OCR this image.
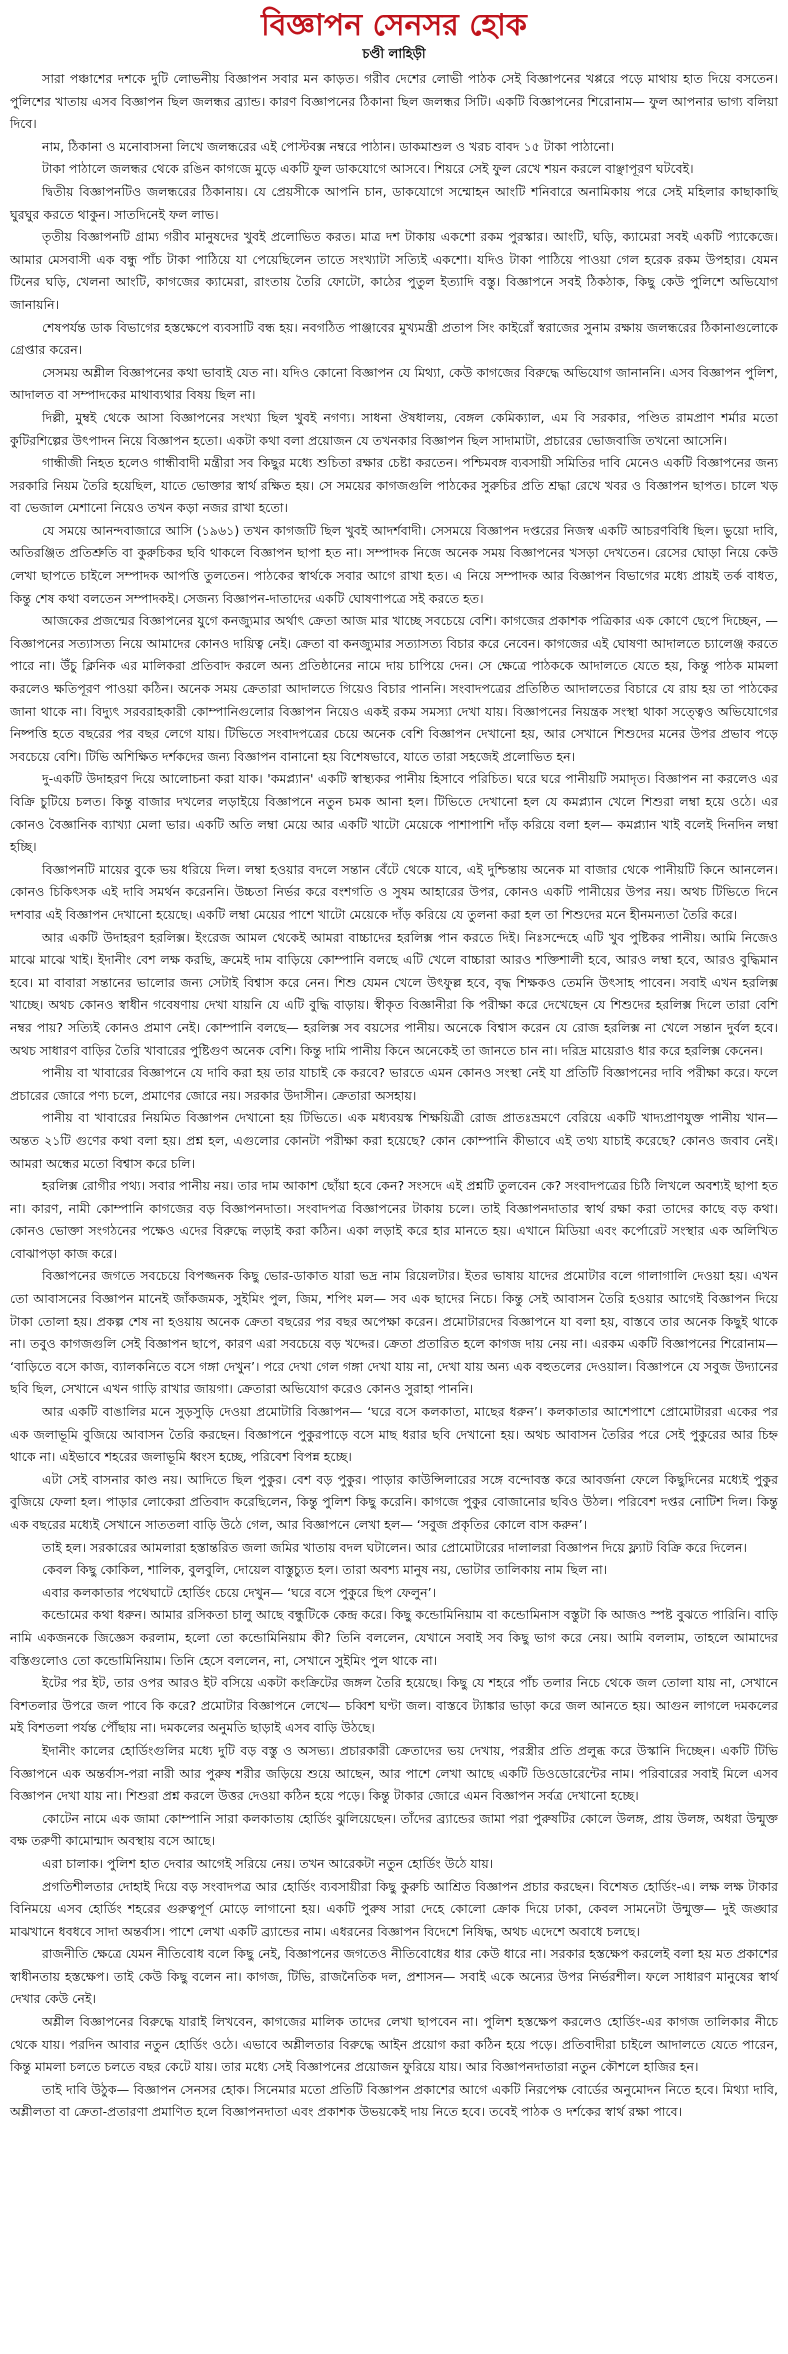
বিজ্ঞাপন সেনসর হোক
চণ্ডী লাহিড়ী

সারা পঞ্চাশের দশকে দুটি লোভনীয় বিজ্ঞাপন সবার মন কাড়ত। গরীব দেশের লোভী পাঠক সেই বিজ্ঞাপনের খপ্পরে পড়ে মাথায় হাত দিয়ে বসতেন। পুলিশের খাতায় এসব বিজ্ঞাপন ছিল জলন্ধর ব্র্যান্ড। কারণ বিজ্ঞাপনের ঠিকানা ছিল জলন্ধর সিটি। একটি বিজ্ঞাপনের শিরোনাম— ফুল আপনার ভাগ্য বলিয়া দিবে।

নাম, ঠিকানা ও মনোবাসনা লিখে জলন্ধরের এই পোস্টবক্স নম্বরে পাঠান। ডাকমাশুল ও খরচ বাবদ ১৫ টাকা পাঠানো।

টাকা পাঠালে জলন্ধর থেকে রঙিন কাগজে মুড়ে একটি ফুল ডাকযোগে আসবে। শিয়রে সেই ফুল রেখে শয়ন করলে বাঞ্ছাপূরণ ঘটবেই।

দ্বিতীয় বিজ্ঞাপনটিও জলন্ধরের ঠিকানায়। যে প্রেয়সীকে আপনি চান, ডাকযোগে সম্মোহন আংটি শনিবারে অনামিকায় পরে সেই মহিলার কাছাকাছি ঘুরঘুর করতে থাকুন। সাতদিনেই ফল লাভ।

তৃতীয় বিজ্ঞাপনটি গ্রাম্য গরীব মানুষদের খুবই প্রলোভিত করত। মাত্র দশ টাকায় একশো রকম পুরস্কার। আংটি, ঘড়ি, ক্যামেরা সবই একটি প্যাকেজে। আমার মেসবাসী এক বন্ধু পাঁচ টাকা পাঠিয়ে যা পেয়েছিলেন তাতে সংখ্যাটা সত্যিই একশো। যদিও টাকা পাঠিয়ে পাওয়া গেল হরেক রকম উপহার। যেমন টিনের ঘড়ি, খেলনা আংটি, কাগজের ক্যামেরা, রাংতায় তৈরি ফোটো, কাঠের পুতুল ইত্যাদি বস্তু। বিজ্ঞাপনে সবই ঠিকঠাক, কিছু কেউ পুলিশে অভিযোগ জানায়নি।

শেষপর্যন্ত ডাক বিভাগের হস্তক্ষেপে ব্যবসাটি বন্ধ হয়। নবগঠিত পাঞ্জাবের মুখ্যমন্ত্রী প্রতাপ সিং কাইরোঁ স্বরাজের সুনাম রক্ষায় জলন্ধরের ঠিকানাগুলোকে গ্রেপ্তার করেন।

সেসময় অশ্লীল বিজ্ঞাপনের কথা ভাবাই যেত না। যদিও কোনো বিজ্ঞাপন যে মিথ্যা, কেউ কাগজের বিরুদ্ধে অভিযোগ জানাননি। এসব বিজ্ঞাপন পুলিশ, আদালত বা সম্পাদকের মাথাব্যথার বিষয় ছিল না।

দিল্লী, মুম্বই থেকে আসা বিজ্ঞাপনের সংখ্যা ছিল খুবই নগণ্য। সাধনা ঔষধালয়, বেঙ্গল কেমিক্যাল, এম বি সরকার, পণ্ডিত রামপ্রাণ শর্মার মতো কুটিরশিল্পের উৎপাদন নিয়ে বিজ্ঞাপন হতো। একটা কথা বলা প্রয়োজন যে তখনকার বিজ্ঞাপন ছিল সাদামাটা, প্রচারের ভোজবাজি তখনো আসেনি।

গান্ধীজী নিহত হলেও গান্ধীবাদী মন্ত্রীরা সব কিছুর মধ্যে শুচিতা রক্ষার চেষ্টা করতেন। পশ্চিমবঙ্গ ব্যবসায়ী সমিতির দাবি মেনেও একটি বিজ্ঞাপনের জন্য সরকারি নিয়ম তৈরি হয়েছিল, যাতে ভোক্তার স্বার্থ রক্ষিত হয়। সে সময়ের কাগজগুলি পাঠকের সুরুচির প্রতি শ্রদ্ধা রেখে খবর ও বিজ্ঞাপন ছাপত। চালে খড় বা ভেজাল মেশানো নিয়েও তখন কড়া নজর রাখা হতো।

যে সময়ে আনন্দবাজারে আসি (১৯৬১) তখন কাগজটি ছিল খুবই আদর্শবাদী। সেসময়ে বিজ্ঞাপন দপ্তরের নিজস্ব একটি আচরণবিধি ছিল। ভুয়ো দাবি, অতিরঞ্জিত প্রতিশ্রুতি বা কুরুচিকর ছবি থাকলে বিজ্ঞাপন ছাপা হত না। সম্পাদক নিজে অনেক সময় বিজ্ঞাপনের খসড়া দেখতেন। রেসের ঘোড়া নিয়ে কেউ লেখা ছাপতে চাইলে সম্পাদক আপত্তি তুলতেন। পাঠকের স্বার্থকে সবার আগে রাখা হত। এ নিয়ে সম্পাদক আর বিজ্ঞাপন বিভাগের মধ্যে প্রায়ই তর্ক বাধত, কিন্তু শেষ কথা বলতেন সম্পাদকই। সেজন্য বিজ্ঞাপন-দাতাদের একটি ঘোষণাপত্রে সই করতে হত।

আজকের প্রজন্মের বিজ্ঞাপনের যুগে কনজ্যুমার অর্থাৎ ক্রেতা আজ মার খাচ্ছে সবচেয়ে বেশি। কাগজের প্রকাশক পত্রিকার এক কোণে ছেপে দিচ্ছেন, — বিজ্ঞাপনের সত্যাসত্য নিয়ে আমাদের কোনও দায়িত্ব নেই। ক্রেতা বা কনজ্যুমার সত্যাসত্য বিচার করে নেবেন। কাগজের এই ঘোষণা আদালতে চ্যালেঞ্জ করতে পারে না। উঁচু ক্লিনিক এর মালিকরা প্রতিবাদ করলে অন্য প্রতিষ্ঠানের নামে দায় চাপিয়ে দেন। সে ক্ষেত্রে পাঠককে আদালতে যেতে হয়, কিন্তু পাঠক মামলা করলেও ক্ষতিপূরণ পাওয়া কঠিন। অনেক সময় ক্রেতারা আদালতে গিয়েও বিচার পাননি। সংবাদপত্রের প্রতিষ্ঠিত আদালতের বিচারে যে রায় হয় তা পাঠকের জানা থাকে না। বিদ্যুৎ সরবরাহকারী কোম্পানিগুলোর বিজ্ঞাপন নিয়েও একই রকম সমস্যা দেখা যায়। বিজ্ঞাপনের নিয়ন্ত্রক সংস্থা থাকা সত্ত্বেও অভিযোগের নিষ্পত্তি হতে বছরের পর বছর লেগে যায়। টিভিতে সংবাদপত্রের চেয়ে অনেক বেশি বিজ্ঞাপন দেখানো হয়, আর সেখানে শিশুদের মনের উপর প্রভাব পড়ে সবচেয়ে বেশি। টিভি অশিক্ষিত দর্শকদের জন্য বিজ্ঞাপন বানানো হয় বিশেষভাবে, যাতে তারা সহজেই প্রলোভিত হন।

দু-একটি উদাহরণ দিয়ে আলোচনা করা যাক। 'কমপ্ল্যান' একটি স্বাস্থ্যকর পানীয় হিসাবে পরিচিত। ঘরে ঘরে পানীয়টি সমাদৃত। বিজ্ঞাপন না করলেও এর বিক্রি চুটিয়ে চলত। কিন্তু বাজার দখলের লড়াইয়ে বিজ্ঞাপনে নতুন চমক আনা হল। টিভিতে দেখানো হল যে কমপ্ল্যান খেলে শিশুরা লম্বা হয়ে ওঠে। এর কোনও বৈজ্ঞানিক ব্যাখ্যা মেলা ভার। একটি অতি লম্বা মেয়ে আর একটি খাটো মেয়েকে পাশাপাশি দাঁড় করিয়ে বলা হল— কমপ্ল্যান খাই বলেই দিনদিন লম্বা হচ্ছি।

বিজ্ঞাপনটি মায়ের বুকে ভয় ধরিয়ে দিল। লম্বা হওয়ার বদলে সন্তান বেঁটে থেকে যাবে, এই দুশ্চিন্তায় অনেক মা বাজার থেকে পানীয়টি কিনে আনলেন। কোনও চিকিৎসক এই দাবি সমর্থন করেননি। উচ্চতা নির্ভর করে বংশগতি ও সুষম আহারের উপর, কোনও একটি পানীয়ের উপর নয়। অথচ টিভিতে দিনে দশবার এই বিজ্ঞাপন দেখানো হয়েছে। একটি লম্বা মেয়ের পাশে খাটো মেয়েকে দাঁড় করিয়ে যে তুলনা করা হল তা শিশুদের মনে হীনমন্যতা তৈরি করে।

আর একটি উদাহরণ হরলিক্স। ইংরেজ আমল থেকেই আমরা বাচ্চাদের হরলিক্স পান করতে দিই। নিঃসন্দেহে এটি খুব পুষ্টিকর পানীয়। আমি নিজেও মাঝে মাঝে খাই। ইদানীং বেশ লক্ষ করছি, ক্রমেই দাম বাড়িয়ে কোম্পানি বলছে এটি খেলে বাচ্চারা আরও শক্তিশালী হবে, আরও লম্বা হবে, আরও বুদ্ধিমান হবে। মা বাবারা সন্তানের ভালোর জন্য সেটাই বিশ্বাস করে নেন। শিশু যেমন খেলে উৎফুল্ল হবে, বৃদ্ধ শিক্ষকও তেমনি উৎসাহ পাবেন। সবাই এখন হরলিক্স খাচ্ছে। অথচ কোনও স্বাধীন গবেষণায় দেখা যায়নি যে এটি বুদ্ধি বাড়ায়। স্বীকৃত বিজ্ঞানীরা কি পরীক্ষা করে দেখেছেন যে শিশুদের হরলিক্স দিলে তারা বেশি নম্বর পায়? সত্যিই কোনও প্রমাণ নেই। কোম্পানি বলছে— হরলিক্স সব বয়সের পানীয়। অনেকে বিশ্বাস করেন যে রোজ হরলিক্স না খেলে সন্তান দুর্বল হবে। অথচ সাধারণ বাড়ির তৈরি খাবারের পুষ্টিগুণ অনেক বেশি। কিন্তু দামি পানীয় কিনে অনেকেই তা জানতে চান না। দরিদ্র মায়েরাও ধার করে হরলিক্স কেনেন।

পানীয় বা খাবারের বিজ্ঞাপনে যে দাবি করা হয় তার যাচাই কে করবে? ভারতে এমন কোনও সংস্থা নেই যা প্রতিটি বিজ্ঞাপনের দাবি পরীক্ষা করে। ফলে প্রচারের জোরে পণ্য চলে, প্রমাণের জোরে নয়। সরকার উদাসীন। ক্রেতারা অসহায়।

পানীয় বা খাবারের নিয়মিত বিজ্ঞাপন দেখানো হয় টিভিতে। এক মধ্যবয়স্ক শিক্ষয়িত্রী রোজ প্রাতঃভ্রমণে বেরিয়ে একটি খাদ্যপ্রাণযুক্ত পানীয় খান— অন্তত ২১টি গুণের কথা বলা হয়। প্রশ্ন হল, এগুলোর কোনটা পরীক্ষা করা হয়েছে? কোন কোম্পানি কীভাবে এই তথ্য যাচাই করেছে? কোনও জবাব নেই। আমরা অন্ধের মতো বিশ্বাস করে চলি।

হরলিক্স রোগীর পথ্য। সবার পানীয় নয়। তার দাম আকাশ ছোঁয়া হবে কেন? সংসদে এই প্রশ্নটি তুলবেন কে? সংবাদপত্রের চিঠি লিখলে অবশ্যই ছাপা হত না। কারণ, নামী কোম্পানি কাগজের বড় বিজ্ঞাপনদাতা। সংবাদপত্র বিজ্ঞাপনের টাকায় চলে। তাই বিজ্ঞাপনদাতার স্বার্থ রক্ষা করা তাদের কাছে বড় কথা। কোনও ভোক্তা সংগঠনের পক্ষেও এদের বিরুদ্ধে লড়াই করা কঠিন। একা লড়াই করে হার মানতে হয়। এখানে মিডিয়া এবং কর্পোরেট সংস্থার এক অলিখিত বোঝাপড়া কাজ করে।

বিজ্ঞাপনের জগতে সবচেয়ে বিপজ্জনক কিছু ভোর-ডাকাত যারা ভদ্র নাম রিয়েলটার। ইতর ভাষায় যাদের প্রমোটার বলে গালাগালি দেওয়া হয়। এখন তো আবাসনের বিজ্ঞাপন মানেই জাঁকজমক, সুইমিং পুল, জিম, শপিং মল— সব এক ছাদের নিচে। কিন্তু সেই আবাসন তৈরি হওয়ার আগেই বিজ্ঞাপন দিয়ে টাকা তোলা হয়। প্রকল্প শেষ না হওয়ায় অনেক ক্রেতা বছরের পর বছর অপেক্ষা করেন। প্রমোটারদের বিজ্ঞাপনে যা বলা হয়, বাস্তবে তার অনেক কিছুই থাকে না। তবুও কাগজগুলি সেই বিজ্ঞাপন ছাপে, কারণ এরা সবচেয়ে বড় খদ্দের। ক্রেতা প্রতারিত হলে কাগজ দায় নেয় না। এরকম একটি বিজ্ঞাপনের শিরোনাম— ‘বাড়িতে বসে কাজ, ব্যালকনিতে বসে গঙ্গা দেখুন’। পরে দেখা গেল গঙ্গা দেখা যায় না, দেখা যায় অন্য এক বহুতলের দেওয়াল। বিজ্ঞাপনে যে সবুজ উদ্যানের ছবি ছিল, সেখানে এখন গাড়ি রাখার জায়গা। ক্রেতারা অভিযোগ করেও কোনও সুরাহা পাননি।

আর একটি বাঙালির মনে সুড়সুড়ি দেওয়া প্রমোটারি বিজ্ঞাপন— ‘ঘরে বসে কলকাতা, মাছের ধরুন’। কলকাতার আশেপাশে প্রোমোটাররা একের পর এক জলাভূমি বুজিয়ে আবাসন তৈরি করছেন। বিজ্ঞাপনে পুকুরপাড়ে বসে মাছ ধরার ছবি দেখানো হয়। অথচ আবাসন তৈরির পরে সেই পুকুরের আর চিহ্ন থাকে না। এইভাবে শহরের জলাভূমি ধ্বংস হচ্ছে, পরিবেশ বিপন্ন হচ্ছে।

এটা সেই বাসনার কাণ্ড নয়। আদিতে ছিল পুকুর। বেশ বড় পুকুর। পাড়ার কাউন্সিলারের সঙ্গে বন্দোবস্ত করে আবর্জনা ফেলে কিছুদিনের মধ্যেই পুকুর বুজিয়ে ফেলা হল। পাড়ার লোকেরা প্রতিবাদ করেছিলেন, কিন্তু পুলিশ কিছু করেনি। কাগজে পুকুর বোজানোর ছবিও উঠল। পরিবেশ দপ্তর নোটিশ দিল। কিন্তু এক বছরের মধ্যেই সেখানে সাততলা বাড়ি উঠে গেল, আর বিজ্ঞাপনে লেখা হল— ‘সবুজ প্রকৃতির কোলে বাস করুন’।

তাই হল। সরকারের আমলারা হস্তান্তরিত জলা জমির খাতায় বদল ঘটালেন। আর প্রোমোটারের দালালরা বিজ্ঞাপন দিয়ে ফ্ল্যাট বিক্রি করে দিলেন।

কেবল কিছু কোকিল, শালিক, বুলবুলি, দোয়েল বাস্তুচ্যুত হল। তারা অবশ্য মানুষ নয়, ভোটার তালিকায় নাম ছিল না।

এবার কলকাতার পথেঘাটে হোর্ডিং চেয়ে দেখুন— ‘ঘরে বসে পুকুরে ছিপ ফেলুন’।

কন্ডোমের কথা ধরুন। আমার রসিকতা চালু আছে বন্ধুটিকে কেন্দ্র করে। কিছু কন্ডোমিনিয়াম বা কন্ডোমিনাস বস্তুটা কি আজও স্পষ্ট বুঝতে পারিনি। বাড়ি নামি একজনকে জিজ্ঞেস করলাম, হলো তো কন্ডোমিনিয়াম কী? তিনি বললেন, যেখানে সবাই সব কিছু ভাগ করে নেয়। আমি বললাম, তাহলে আমাদের বস্তিগুলোও তো কন্ডোমিনিয়াম। তিনি হেসে বললেন, না, সেখানে সুইমিং পুল থাকে না।

ইটের পর ইট, তার ওপর আরও ইট বসিয়ে একটা কংক্রিটের জঙ্গল তৈরি হয়েছে। কিছু যে শহরে পাঁচ তলার নিচে থেকে জল তোলা যায় না, সেখানে বিশতলার উপরে জল পাবে কি করে? প্রমোটার বিজ্ঞাপনে লেখে— চব্বিশ ঘণ্টা জল। বাস্তবে ট্যাঙ্কার ভাড়া করে জল আনতে হয়। আগুন লাগলে দমকলের মই বিশতলা পর্যন্ত পৌঁছায় না। দমকলের অনুমতি ছাড়াই এসব বাড়ি উঠছে।

ইদানীং কালের হোর্ডিংগুলির মধ্যে দুটি বড় বস্তু ও অসভ্য। প্রচারকারী ক্রেতাদের ভয় দেখায়, পরস্ত্রীর প্রতি প্রলুব্ধ করে উস্কানি দিচ্ছেন। একটি টিভি বিজ্ঞাপনে এক অন্তর্বাস-পরা নারী আর পুরুষ শরীর জড়িয়ে শুয়ে আছেন, আর পাশে লেখা আছে একটি ডিওডোরেন্টের নাম। পরিবারের সবাই মিলে এসব বিজ্ঞাপন দেখা যায় না। শিশুরা প্রশ্ন করলে উত্তর দেওয়া কঠিন হয়ে পড়ে। কিন্তু টাকার জোরে এমন বিজ্ঞাপন সর্বত্র দেখানো হচ্ছে।

কোটেন নামে এক জামা কোম্পানি সারা কলকাতায় হোর্ডিং ঝুলিয়েছেন। তাঁদের ব্র্যান্ডের জামা পরা পুরুষটির কোলে উলঙ্গ, প্রায় উলঙ্গ, অধরা উন্মুক্ত বক্ষ তরুণী কামোন্মাদ অবস্থায় বসে আছে।

এরা চালাক। পুলিশ হাত দেবার আগেই সরিয়ে নেয়। তখন আরেকটা নতুন হোর্ডিং উঠে যায়।

প্রগতিশীলতার দোহাই দিয়ে বড় সংবাদপত্র আর হোর্ডিং ব্যবসায়ীরা কিছু কুরুচি আশ্রিত বিজ্ঞাপন প্রচার করছেন। বিশেষত হোর্ডিং-এ। লক্ষ লক্ষ টাকার বিনিময়ে এসব হোর্ডিং শহরের গুরুত্বপূর্ণ মোড়ে লাগানো হয়। একটি পুরুষ সারা দেহে কোলো ক্রোক দিয়ে ঢাকা, কেবল সামনেটা উন্মুক্ত— দুই জঙ্ঘার মাঝখানে ধবধবে সাদা অন্তর্বাস। পাশে লেখা একটি ব্র্যান্ডের নাম। এধরনের বিজ্ঞাপন বিদেশে নিষিদ্ধ, অথচ এদেশে অবাধে চলছে।

রাজনীতি ক্ষেত্রে যেমন নীতিবোধ বলে কিছু নেই, বিজ্ঞাপনের জগতেও নীতিবোধের ধার কেউ ধারে না। সরকার হস্তক্ষেপ করলেই বলা হয় মত প্রকাশের স্বাধীনতায় হস্তক্ষেপ। তাই কেউ কিছু বলেন না। কাগজ, টিভি, রাজনৈতিক দল, প্রশাসন— সবাই একে অন্যের উপর নির্ভরশীল। ফলে সাধারণ মানুষের স্বার্থ দেখার কেউ নেই।

অশ্লীল বিজ্ঞাপনের বিরুদ্ধে যারাই লিখবেন, কাগজের মালিক তাদের লেখা ছাপবেন না। পুলিশ হস্তক্ষেপ করলেও হোর্ডিং-এর কাগজ তালিকার নীচে থেকে যায়। পরদিন আবার নতুন হোর্ডিং ওঠে। এভাবে অশ্লীলতার বিরুদ্ধে আইন প্রয়োগ করা কঠিন হয়ে পড়ে। প্রতিবাদীরা চাইলে আদালতে যেতে পারেন, কিন্তু মামলা চলতে চলতে বছর কেটে যায়। তার মধ্যে সেই বিজ্ঞাপনের প্রয়োজন ফুরিয়ে যায়। আর বিজ্ঞাপনদাতারা নতুন কৌশলে হাজির হন।

তাই দাবি উঠুক— বিজ্ঞাপন সেনসর হোক। সিনেমার মতো প্রতিটি বিজ্ঞাপন প্রকাশের আগে একটি নিরপেক্ষ বোর্ডের অনুমোদন নিতে হবে। মিথ্যা দাবি, অশ্লীলতা বা ক্রেতা-প্রতারণা প্রমাণিত হলে বিজ্ঞাপনদাতা এবং প্রকাশক উভয়কেই দায় নিতে হবে। তবেই পাঠক ও দর্শকের স্বার্থ রক্ষা পাবে।
